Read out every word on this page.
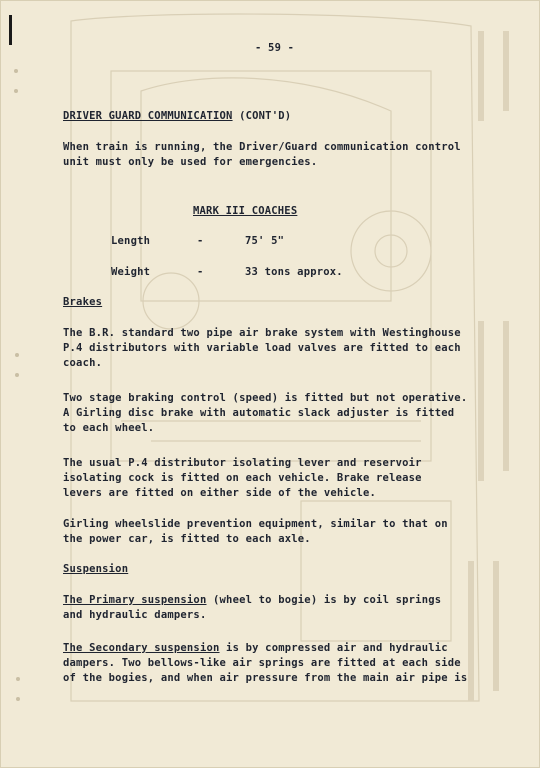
- 59 -
DRIVER GUARD COMMUNICATION (CONT'D)
When train is running, the Driver/Guard communication control
unit must only be used for emergencies.
MARK III COACHES
Length	-	75' 5"
Weight	-	33 tons approx.
Brakes
The B.R. standard two pipe air brake system with Westinghouse
P.4 distributors with variable load valves are fitted to each
coach.
Two stage braking control (speed) is fitted but not operative.
A Girling disc brake with automatic slack adjuster is fitted
to each wheel.
The usual P.4 distributor isolating lever and reservoir
isolating cock is fitted on each vehicle. Brake release
levers are fitted on either side of the vehicle.
Girling wheelslide prevention equipment, similar to that on
the power car, is fitted to each axle.
Suspension
The Primary suspension (wheel to bogie) is by coil springs
and hydraulic dampers.
The Secondary suspension is by compressed air and hydraulic
dampers. Two bellows-like air springs are fitted at each side
of the bogies, and when air pressure from the main air pipe is
